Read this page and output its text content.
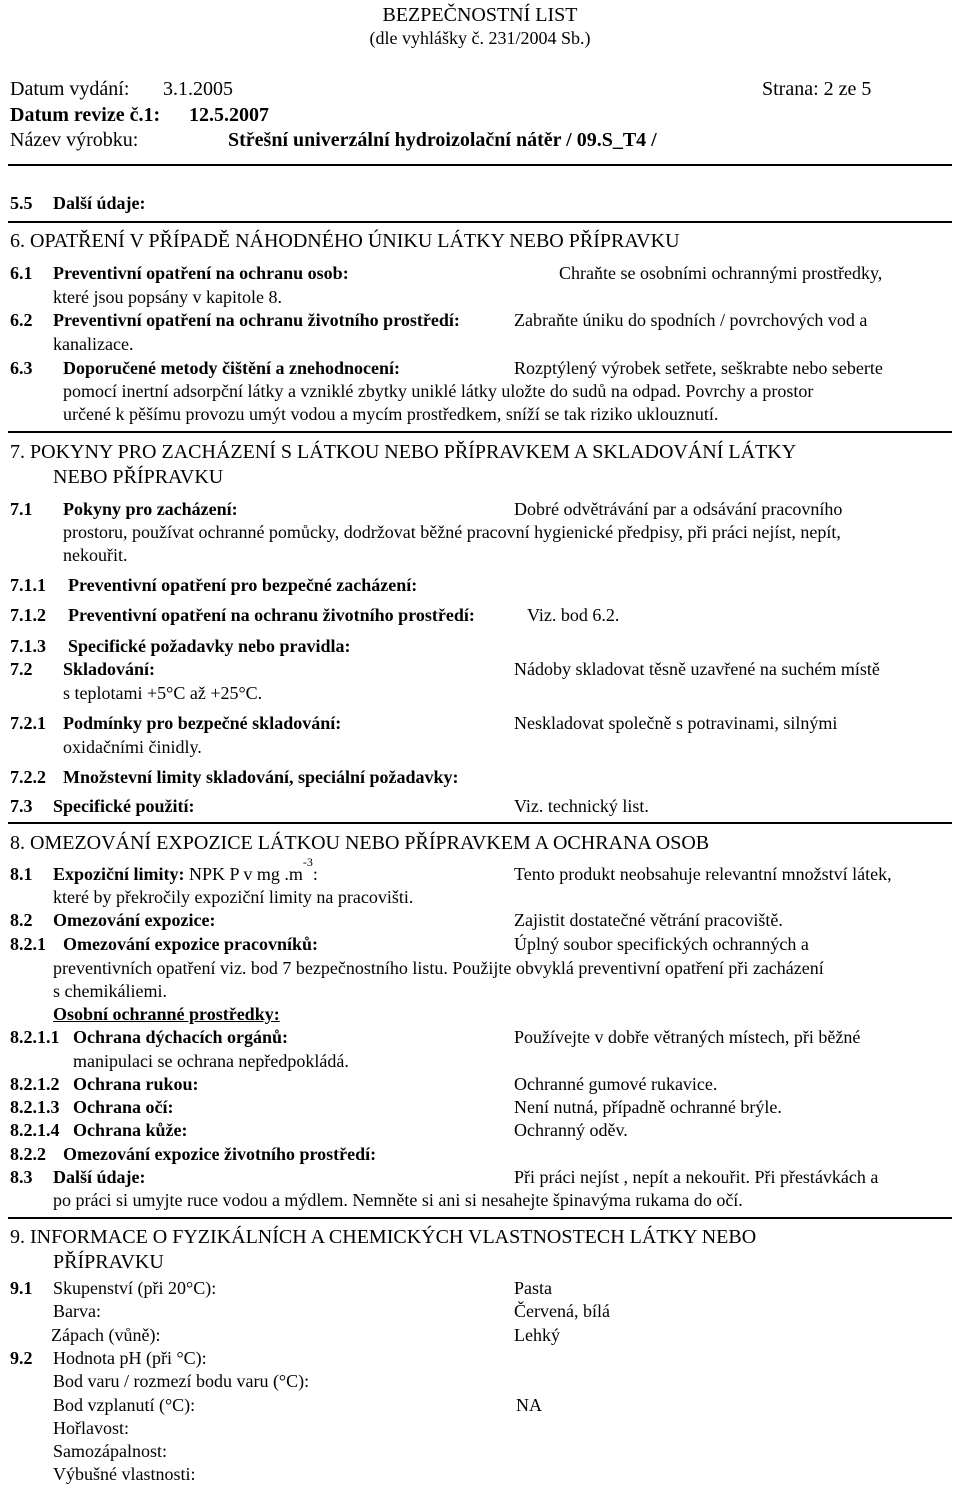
BEZPEČNOSTNÍ LIST
(dle vyhlášky č. 231/2004 Sb.)
Datum vydání: 3.1.2005	Strana: 2 ze 5
Datum revize č.1: 12.5.2007
Název výrobku:	Střešní univerzální hydroizolační nátěr / 09.S_T4 /
5.5 Další údaje:
6. OPATŘENÍ V PŘÍPADĚ NÁHODNÉHO ÚNIKU LÁTKY NEBO PŘÍPRAVKU
6.1 Preventivní opatření na ochranu osob:	Chraňte se osobními ochrannými prostředky,
které jsou popsány v kapitole 8.
6.2 Preventivní opatření na ochranu životního prostředí:	Zabraňte úniku do spodních / povrchových vod a
kanalizace.
6.3 Doporučené metody čištění a znehodnocení:	Rozptýlený výrobek setřete, seškrabte nebo seberte
pomocí inertní adsorpční látky a vzniklé zbytky uniklé látky uložte do sudů na odpad. Povrchy a prostor
určené k pěšímu provozu umýt vodou a mycím prostředkem, sníží se tak riziko uklouznutí.
7. POKYNY PRO ZACHÁZENÍ S LÁTKOU NEBO PŘÍPRAVKEM A SKLADOVÁNÍ LÁTKY
NEBO PŘÍPRAVKU
7.1 Pokyny pro zacházení:	Dobré odvětrávání par a odsávání pracovního
prostoru, používat ochranné pomůcky, dodržovat běžné pracovní hygienické předpisy, při práci nejíst, nepít,
nekouřit.
7.1.1 Preventivní opatření pro bezpečné zacházení:
7.1.2 Preventivní opatření na ochranu životního prostředí:	Viz. bod 6.2.
7.1.3 Specifické požadavky nebo pravidla:
7.2 Skladování:	Nádoby skladovat těsně uzavřené na suchém místě
s teplotami +5°C až +25°C.
7.2.1 Podmínky pro bezpečné skladování:	Neskladovat společně s potravinami, silnými
oxidačními činidly.
7.2.2 Množstevní limity skladování, speciální požadavky:
7.3 Specifické použití:	Viz. technický list.
8. OMEZOVÁNÍ EXPOZICE LÁTKOU NEBO PŘÍPRAVKEM A OCHRANA OSOB
8.1 Expoziční limity: NPK P v mg $.m^{-3}$:	Tento produkt neobsahuje relevantní množství látek,
které by překročily expoziční limity na pracovišti.
8.2 Omezování expozice:	Zajistit dostatečné větrání pracoviště.
8.2.1 Omezování expozice pracovníků:	Úplný soubor specifických ochranných a
preventivních opatření viz. bod 7 bezpečnostního listu. Použijte obvyklá preventivní opatření při zacházení
s chemikáliemi.
Osobní ochranné prostředky:
8.2.1.1 Ochrana dýchacích orgánů:	Používejte v dobře větraných místech, při běžné
manipulaci se ochrana nepředpokládá.
8.2.1.2 Ochrana rukou:	Ochranné gumové rukavice.
8.2.1.3 Ochrana očí:	Není nutná, případně ochranné brýle.
8.2.1.4 Ochrana kůže:	Ochranný oděv.
8.2.2 Omezování expozice životního prostředí:
8.3 Další údaje:	Při práci nejíst , nepít a nekouřit. Při přestávkách a
po práci si umyjte ruce vodou a mýdlem. Nemněte si ani si nesahejte špinavýma rukama do očí.
9. INFORMACE O FYZIKÁLNÍCH A CHEMICKÝCH VLASTNOSTECH LÁTKY NEBO
PŘÍPRAVKU
9.1 Skupenství (při 20°C):	Pasta
Barva:	Červená, bílá
Zápach (vůně):	Lehký
9.2 Hodnota pH (při °C):
Bod varu / rozmezí bodu varu (°C):
Bod vzplanutí (°C):	NA
Hořlavost:
Samozápalnost:
Výbušné vlastnosti:
